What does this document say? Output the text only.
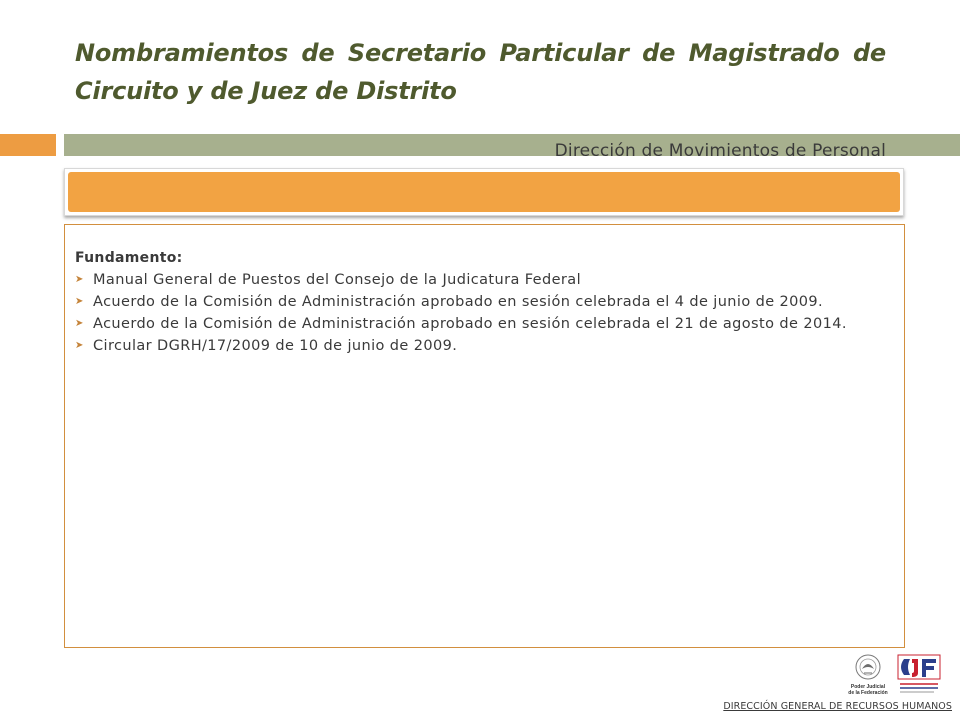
Nombramientos de Secretario Particular de Magistrado de Circuito y de Juez de Distrito
Dirección de Movimientos de Personal
Fundamento:
➤ Manual General de Puestos del Consejo de la Judicatura Federal
➤ Acuerdo de la Comisión de Administración aprobado en sesión celebrada el 4 de junio de 2009.
➤ Acuerdo de la Comisión de Administración aprobado en sesión celebrada el 21 de agosto de 2014.
➤ Circular DGRH/17/2009 de 10 de junio de 2009.
Poder Judicial
de la Federación
DIRECCIÓN GENERAL DE RECURSOS HUMANOS
